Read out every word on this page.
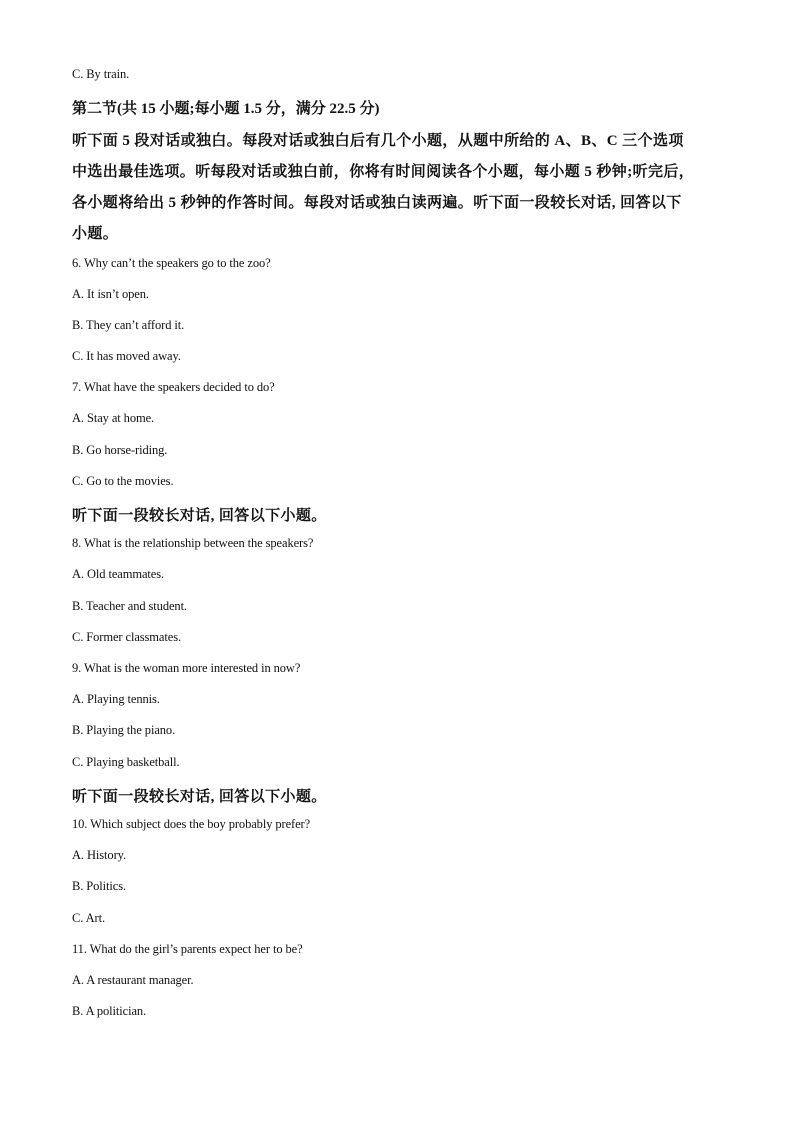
C. By train.
第二节(共 15 小题;每小题 1.5 分，满分 22.5 分)
听下面 5 段对话或独白。每段对话或独白后有几个小题，从题中所给的 A、B、C 三个选项
中选出最佳选项。听每段对话或独白前，你将有时间阅读各个小题，每小题 5 秒钟;听完后，
各小题将给出 5 秒钟的作答时间。每段对话或独白读两遍。听下面一段较长对话, 回答以下
小题。
6. Why can’t the speakers go to the zoo?
A. It isn’t open.
B. They can’t afford it.
C. It has moved away.
7. What have the speakers decided to do?
A. Stay at home.
B. Go horse-riding.
C. Go to the movies.
听下面一段较长对话, 回答以下小题。
8. What is the relationship between the speakers?
A. Old teammates.
B. Teacher and student.
C. Former classmates.
9. What is the woman more interested in now?
A. Playing tennis.
B. Playing the piano.
C. Playing basketball.
听下面一段较长对话, 回答以下小题。
10. Which subject does the boy probably prefer?
A. History.
B. Politics.
C. Art.
11. What do the girl’s parents expect her to be?
A. A restaurant manager.
B. A politician.
